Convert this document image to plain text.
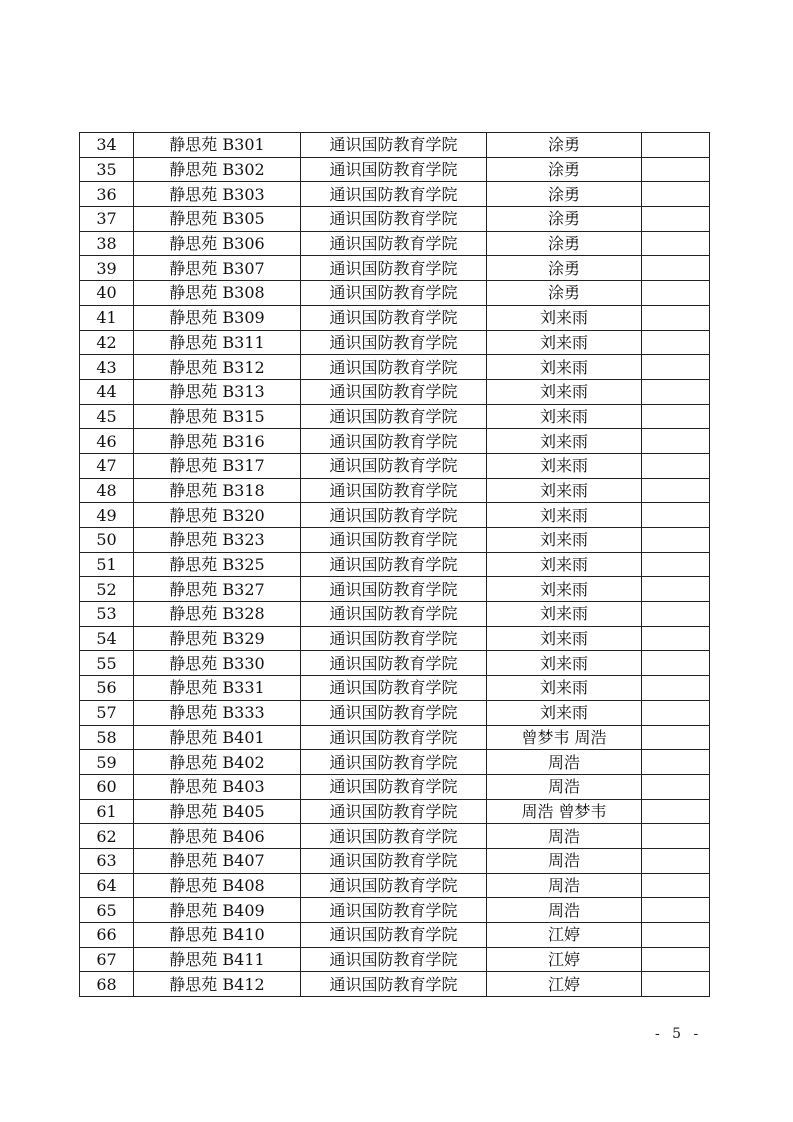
34	静思苑 B301	通识国防教育学院	涂勇	
35	静思苑 B302	通识国防教育学院	涂勇	
36	静思苑 B303	通识国防教育学院	涂勇	
37	静思苑 B305	通识国防教育学院	涂勇	
38	静思苑 B306	通识国防教育学院	涂勇	
39	静思苑 B307	通识国防教育学院	涂勇	
40	静思苑 B308	通识国防教育学院	涂勇	
41	静思苑 B309	通识国防教育学院	刘来雨	
42	静思苑 B311	通识国防教育学院	刘来雨	
43	静思苑 B312	通识国防教育学院	刘来雨	
44	静思苑 B313	通识国防教育学院	刘来雨	
45	静思苑 B315	通识国防教育学院	刘来雨	
46	静思苑 B316	通识国防教育学院	刘来雨	
47	静思苑 B317	通识国防教育学院	刘来雨	
48	静思苑 B318	通识国防教育学院	刘来雨	
49	静思苑 B320	通识国防教育学院	刘来雨	
50	静思苑 B323	通识国防教育学院	刘来雨	
51	静思苑 B325	通识国防教育学院	刘来雨	
52	静思苑 B327	通识国防教育学院	刘来雨	
53	静思苑 B328	通识国防教育学院	刘来雨	
54	静思苑 B329	通识国防教育学院	刘来雨	
55	静思苑 B330	通识国防教育学院	刘来雨	
56	静思苑 B331	通识国防教育学院	刘来雨	
57	静思苑 B333	通识国防教育学院	刘来雨	
58	静思苑 B401	通识国防教育学院	曾梦韦 周浩	
59	静思苑 B402	通识国防教育学院	周浩	
60	静思苑 B403	通识国防教育学院	周浩	
61	静思苑 B405	通识国防教育学院	周浩 曾梦韦	
62	静思苑 B406	通识国防教育学院	周浩	
63	静思苑 B407	通识国防教育学院	周浩	
64	静思苑 B408	通识国防教育学院	周浩	
65	静思苑 B409	通识国防教育学院	周浩	
66	静思苑 B410	通识国防教育学院	江婷	
67	静思苑 B411	通识国防教育学院	江婷	
68	静思苑 B412	通识国防教育学院	江婷	
- 5 -
